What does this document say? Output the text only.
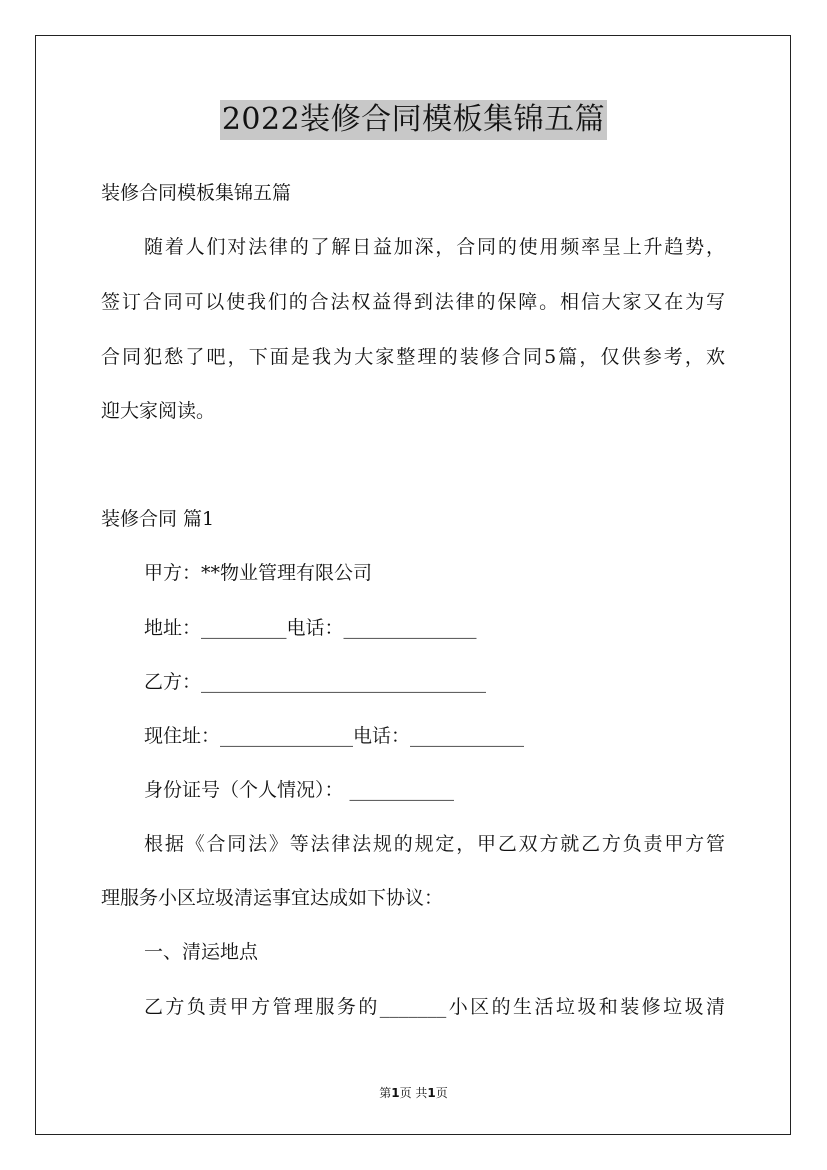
2022装修合同模板集锦五篇
装修合同模板集锦五篇
随着人们对法律的了解日益加深，合同的使用频率呈上升趋势，
签订合同可以使我们的合法权益得到法律的保障。相信大家又在为写
合同犯愁了吧，下面是我为大家整理的装修合同5篇，仅供参考，欢
迎大家阅读。
装修合同 篇1
甲方：**物业管理有限公司
地址：_________电话：______________
乙方：______________________________
现住址：______________电话：____________
身份证号（个人情况）： ___________
根据《合同法》等法律法规的规定，甲乙双方就乙方负责甲方管
理服务小区垃圾清运事宜达成如下协议：
一、清运地点
乙方负责甲方管理服务的_______小区的生活垃圾和装修垃圾清
第1页 共1页
